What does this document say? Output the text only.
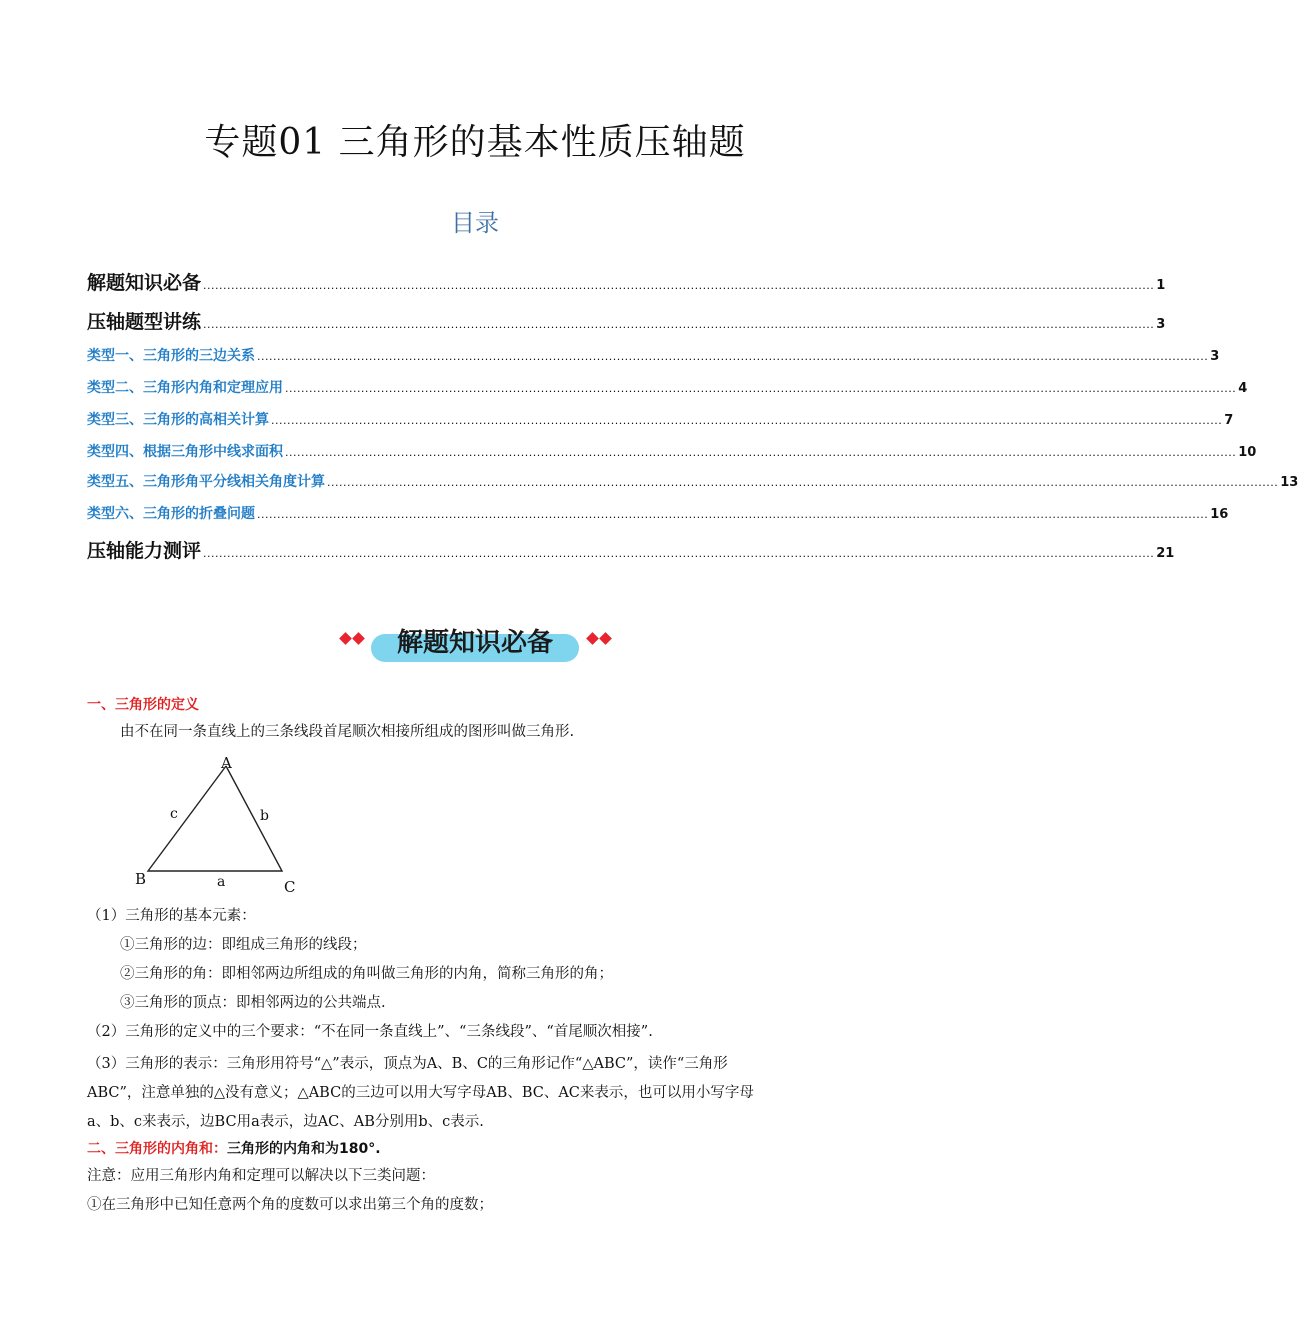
专题01 三角形的基本性质压轴题
目录
解题知识必备 .............................................................................................................................................................................................................................................. 1
压轴题型讲练 .............................................................................................................................................................................................................................................. 3
类型一、三角形的三边关系 .............................................................................................................................................................................................................................................. 3
类型二、三角形内角和定理应用 .............................................................................................................................................................................................................................................. 4
类型三、三角形的高相关计算 .............................................................................................................................................................................................................................................. 7
类型四、根据三角形中线求面积 .............................................................................................................................................................................................................................................. 10
类型五、三角形角平分线相关角度计算 .............................................................................................................................................................................................................................................. 13
类型六、三角形的折叠问题 .............................................................................................................................................................................................................................................. 16
压轴能力测评 .............................................................................................................................................................................................................................................. 21
解题知识必备
一、三角形的定义
由不在同一条直线上的三条线段首尾顺次相接所组成的图形叫做三角形.
A
B	C
a
b
c
（1）三角形的基本元素：
①三角形的边：即组成三角形的线段；
②三角形的角：即相邻两边所组成的角叫做三角形的内角，简称三角形的角；
③三角形的顶点：即相邻两边的公共端点.
（2）三角形的定义中的三个要求：“不在同一条直线上”、“三条线段”、“首尾顺次相接”.
（3）三角形的表示：三角形用符号“△”表示，顶点为A、B、C的三角形记作“△ABC”，读作“三角形
ABC”，注意单独的△没有意义；△ABC的三边可以用大写字母AB、BC、AC来表示，也可以用小写字母
a、b、c来表示，边BC用a表示，边AC、AB分别用b、c表示.
二、三角形的内角和：三角形的内角和为180°.
注意：应用三角形内角和定理可以解决以下三类问题：
①在三角形中已知任意两个角的度数可以求出第三个角的度数；
